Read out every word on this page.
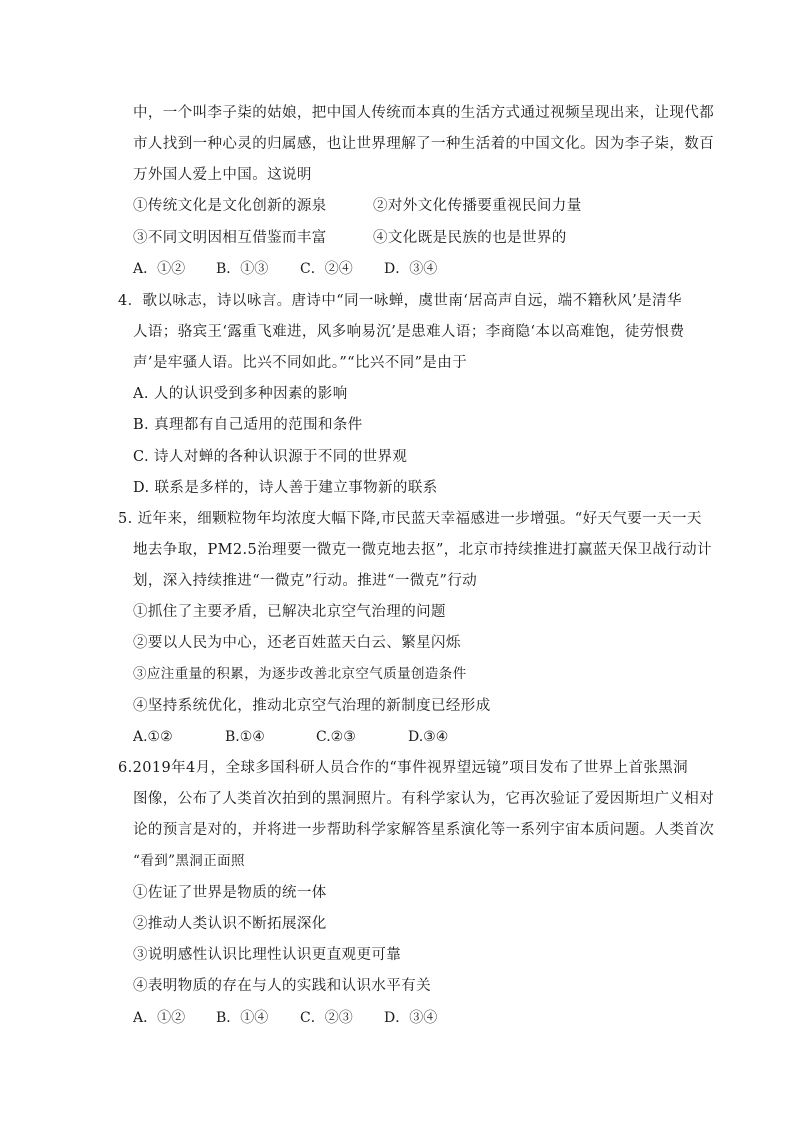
中，一个叫李子柒的姑娘，把中国人传统而本真的生活方式通过视频呈现出来，让现代都
市人找到一种心灵的归属感，也让世界理解了一种生活着的中国文化。因为李子柒，数百
万外国人爱上中国。这说明
①传统文化是文化创新的源泉	②对外文化传播要重视民间力量
③不同文明因相互借鉴而丰富	④文化既是民族的也是世界的
A．①② B．①③ C．②④ D．③④
4．歌以咏志，诗以咏言。唐诗中“同一咏蝉，虞世南‘居高声自远，端不籍秋风’是清华
人语；骆宾王‘露重飞难进，风多响易沉’是患难人语；李商隐‘本以高难饱，徒劳恨费
声’是牢骚人语。比兴不同如此。”“比兴不同”是由于
A. 人的认识受到多种因素的影响
B. 真理都有自己适用的范围和条件
C. 诗人对蝉的各种认识源于不同的世界观
D. 联系是多样的，诗人善于建立事物新的联系
5. 近年来，细颗粒物年均浓度大幅下降,市民蓝天幸福感进一步增强。“好天气要一天一天
地去争取，PM2.5治理要一微克一微克地去抠”，北京市持续推进打赢蓝天保卫战行动计
划，深入持续推进“一微克”行动。推进“一微克”行动
①抓住了主要矛盾，已解决北京空气治理的问题
②要以人民为中心，还老百姓蓝天白云、繁星闪烁
③应注重量的积累，为逐步改善北京空气质量创造条件
④坚持系统优化，推动北京空气治理的新制度已经形成
A.①②	B.①④	C.②③	D.③④
6.2019年4月，全球多国科研人员合作的“事件视界望远镜”项目发布了世界上首张黑洞
图像，公布了人类首次拍到的黑洞照片。有科学家认为，它再次验证了爱因斯坦广义相对
论的预言是对的，并将进一步帮助科学家解答星系演化等一系列宇宙本质问题。人类首次
“看到”黑洞正面照
①佐证了世界是物质的统一体
②推动人类认识不断拓展深化
③说明感性认识比理性认识更直观更可靠
④表明物质的存在与人的实践和认识水平有关
A．①② B．①④ C．②③ D．③④
